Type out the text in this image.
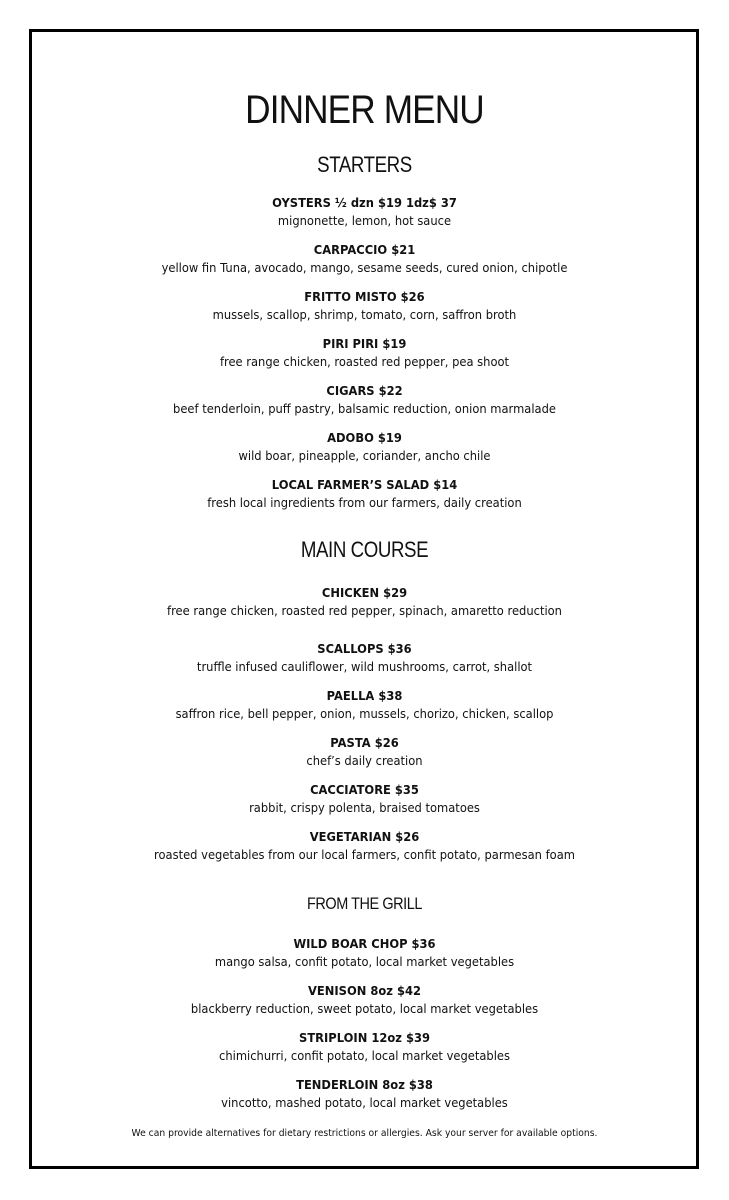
DINNER MENU
STARTERS
OYSTERS ½ dzn $19 1dz$ 37
mignonette, lemon, hot sauce
CARPACCIO $21
yellow fin Tuna, avocado, mango, sesame seeds, cured onion, chipotle
FRITTO MISTO $26
mussels, scallop, shrimp, tomato, corn, saffron broth
PIRI PIRI $19
free range chicken, roasted red pepper, pea shoot
CIGARS $22
beef tenderloin, puff pastry, balsamic reduction, onion marmalade
ADOBO $19
wild boar, pineapple, coriander, ancho chile
LOCAL FARMER’S SALAD $14
fresh local ingredients from our farmers, daily creation
MAIN COURSE
CHICKEN $29
free range chicken, roasted red pepper, spinach, amaretto reduction
SCALLOPS $36
truffle infused cauliflower, wild mushrooms, carrot, shallot
PAELLA $38
saffron rice, bell pepper, onion, mussels, chorizo, chicken, scallop
PASTA $26
chef’s daily creation
CACCIATORE $35
rabbit, crispy polenta, braised tomatoes
VEGETARIAN $26
roasted vegetables from our local farmers, confit potato, parmesan foam
FROM THE GRILL
WILD BOAR CHOP $36
mango salsa, confit potato, local market vegetables
VENISON 8oz $42
blackberry reduction, sweet potato, local market vegetables
STRIPLOIN 12oz $39
chimichurri, confit potato, local market vegetables
TENDERLOIN 8oz $38
vincotto, mashed potato, local market vegetables
We can provide alternatives for dietary restrictions or allergies. Ask your server for available options.
